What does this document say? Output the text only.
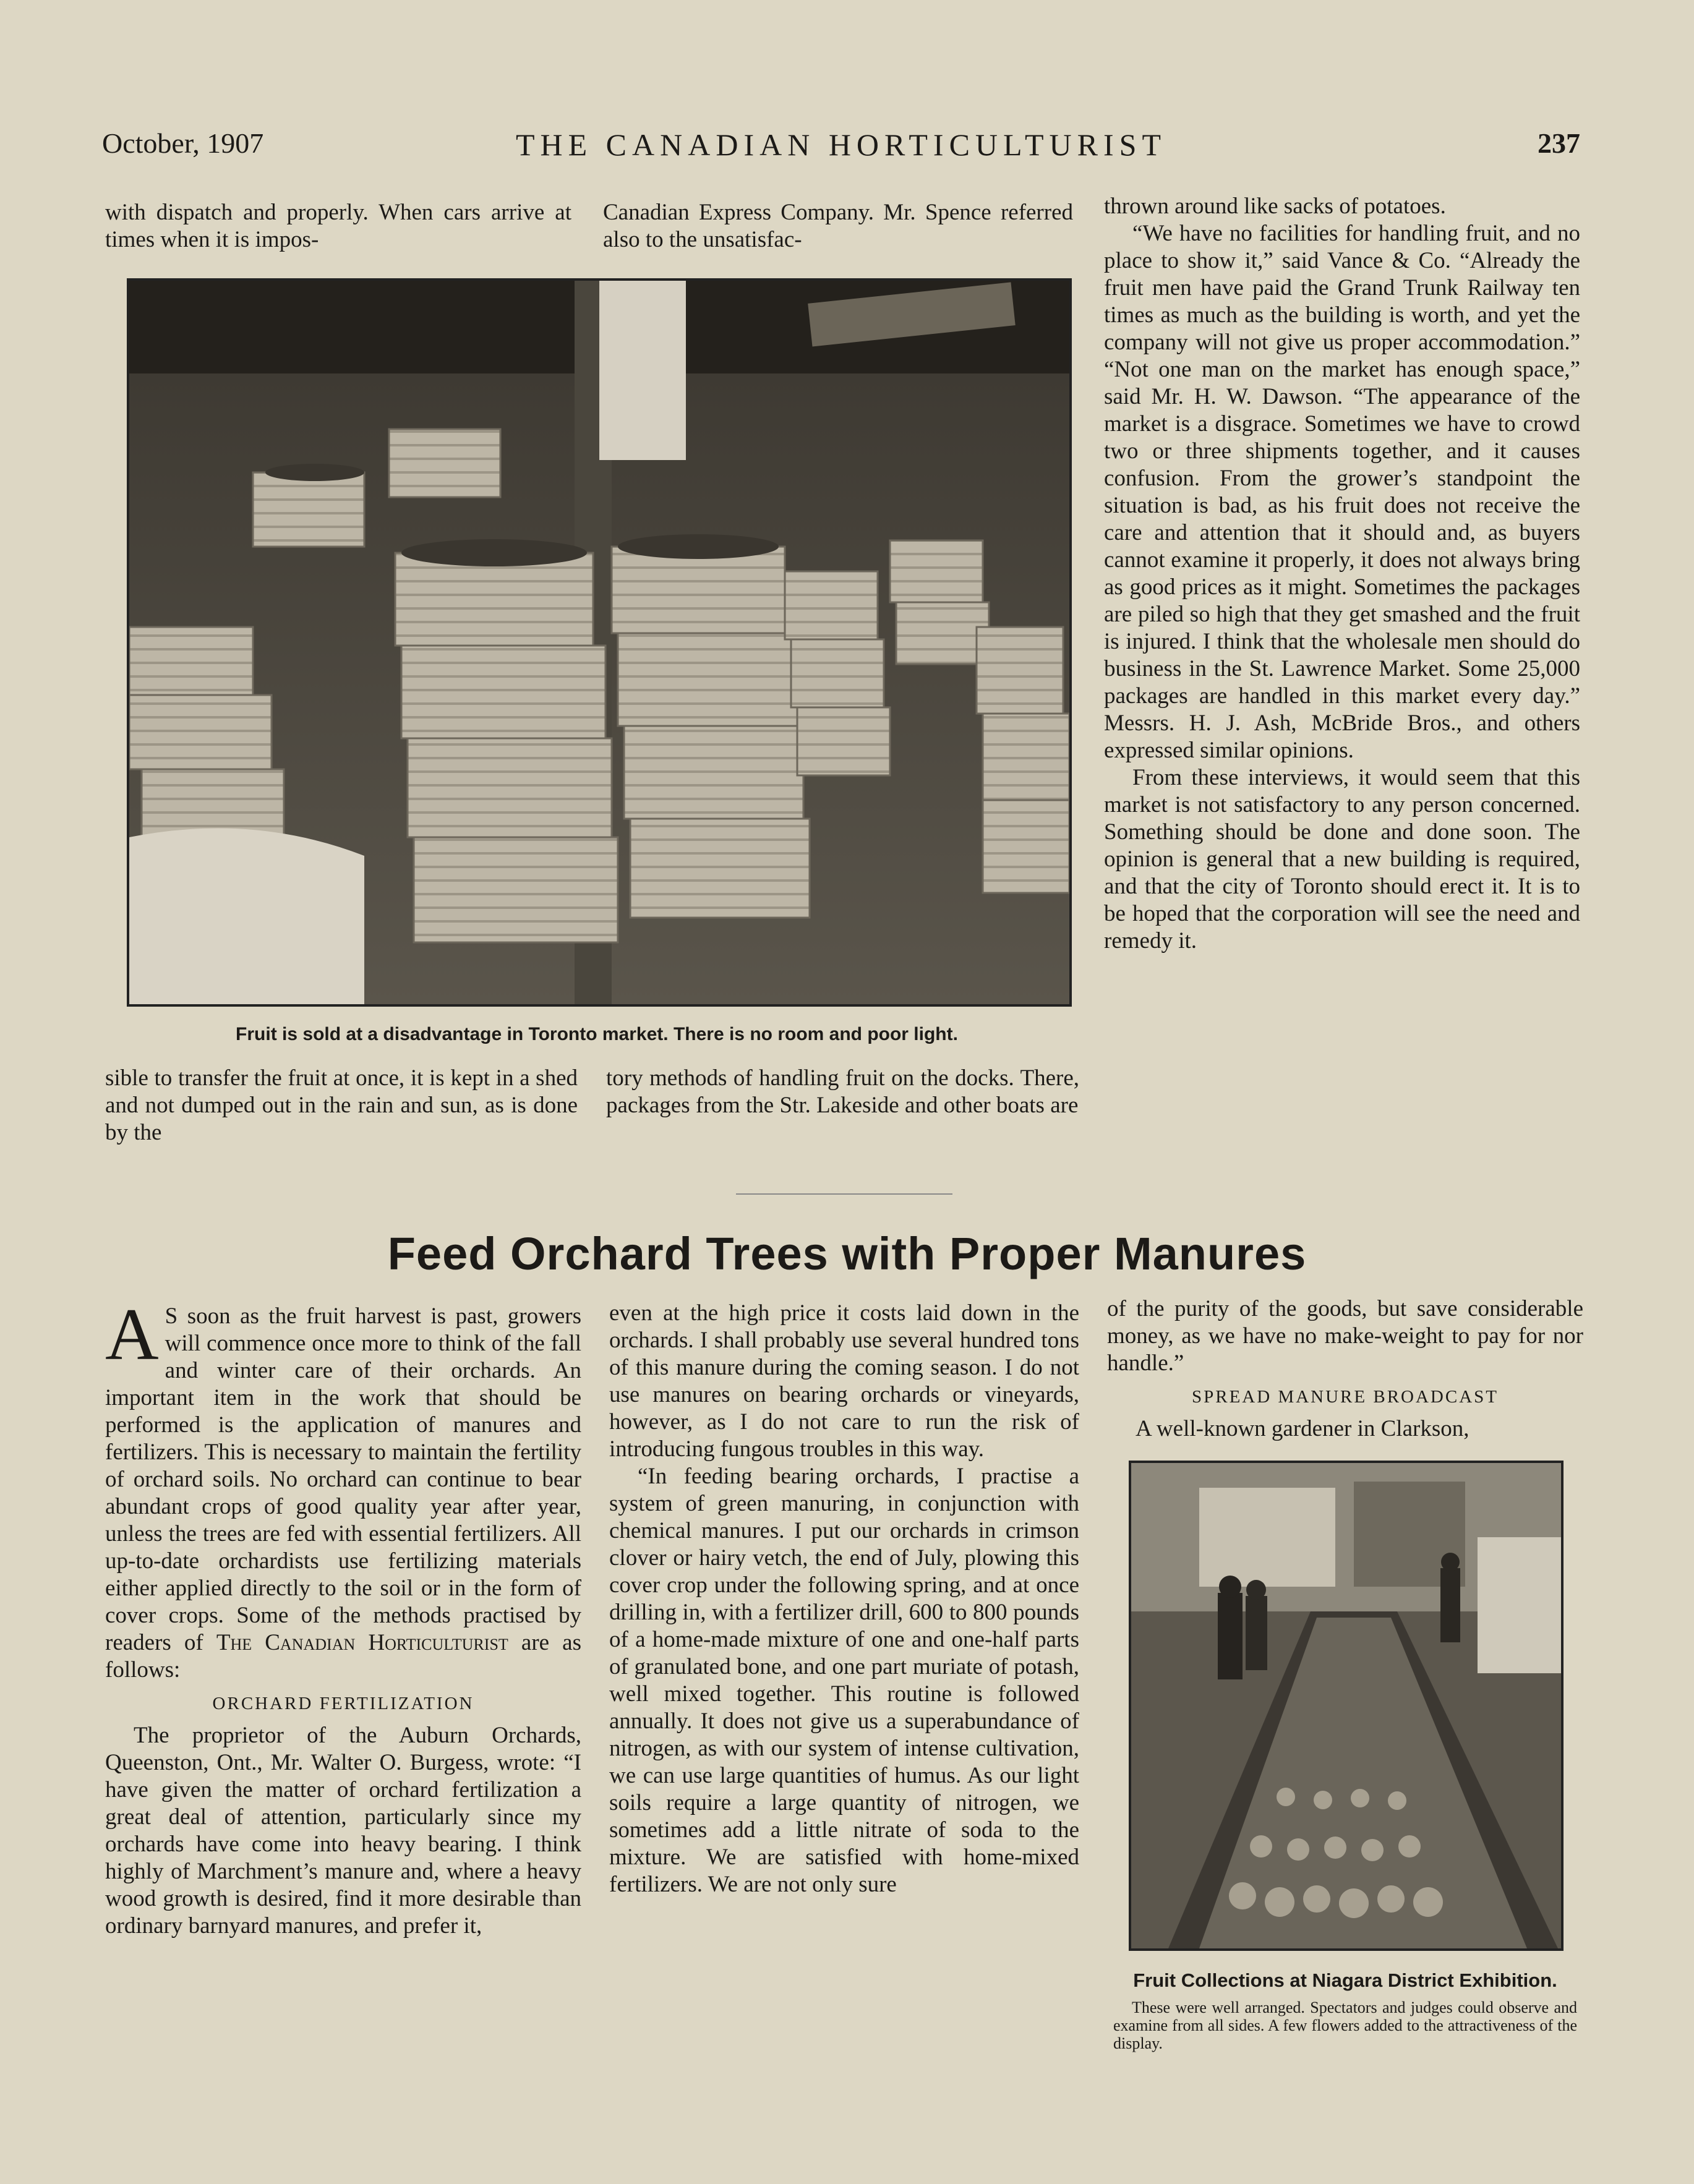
October, 1907	THE CANADIAN HORTICULTURIST	237

with dispatch and properly. When cars arrive at times when it is impos-

Canadian Express Company. Mr. Spence referred also to the unsatisfac-

Fruit is sold at a disadvantage in Toronto market. There is no room and poor light.

sible to transfer the fruit at once, it is kept in a shed and not dumped out in the rain and sun, as is done by the

tory methods of handling fruit on the docks. There, packages from the Str. Lakeside and other boats are

thrown around like sacks of potatoes.

“We have no facilities for handling fruit, and no place to show it,” said Vance & Co. “Already the fruit men have paid the Grand Trunk Railway ten times as much as the building is worth, and yet the company will not give us proper accommodation.” “Not one man on the market has enough space,” said Mr. H. W. Dawson. “The appearance of the market is a disgrace. Sometimes we have to crowd two or three shipments together, and it causes confusion. From the grower’s standpoint the situation is bad, as his fruit does not receive the care and attention that it should and, as buyers cannot examine it properly, it does not always bring as good prices as it might. Sometimes the packages are piled so high that they get smashed and the fruit is injured. I think that the wholesale men should do business in the St. Lawrence Market. Some 25,000 packages are handled in this market every day.” Messrs. H. J. Ash, McBride Bros., and others expressed similar opinions.

From these interviews, it would seem that this market is not satisfactory to any person concerned. Something should be done and done soon. The opinion is general that a new building is required, and that the city of Toronto should erect it. It is to be hoped that the corporation will see the need and remedy it.

Feed Orchard Trees with Proper Manures

A S soon as the fruit harvest is past, growers will commence once more to think of the fall and winter care of their orchards. An important item in the work that should be performed is the application of manures and fertilizers. This is necessary to maintain the fertility of orchard soils. No orchard can continue to bear abundant crops of good quality year after year, unless the trees are fed with essential fertilizers. All up-to-date orchardists use fertilizing materials either applied directly to the soil or in the form of cover crops. Some of the methods practised by readers of The Canadian Horticulturist are as follows:

ORCHARD FERTILIZATION

The proprietor of the Auburn Orchards, Queenston, Ont., Mr. Walter O. Burgess, wrote: “I have given the matter of orchard fertilization a great deal of attention, particularly since my orchards have come into heavy bearing. I think highly of Marchment’s manure and, where a heavy wood growth is desired, find it more desirable than ordinary barnyard manures, and prefer it,

even at the high price it costs laid down in the orchards. I shall probably use several hundred tons of this manure during the coming season. I do not use manures on bearing orchards or vineyards, however, as I do not care to run the risk of introducing fungous troubles in this way.

“In feeding bearing orchards, I practise a system of green manuring, in conjunction with chemical manures. I put our orchards in crimson clover or hairy vetch, the end of July, plowing this cover crop under the following spring, and at once drilling in, with a fertilizer drill, 600 to 800 pounds of a home-made mixture of one and one-half parts of granulated bone, and one part muriate of potash, well mixed together. This routine is followed annually. It does not give us a superabundance of nitrogen, as with our system of intense cultivation, we can use large quantities of humus. As our light soils require a large quantity of nitrogen, we sometimes add a little nitrate of soda to the mixture. We are satisfied with home-mixed fertilizers. We are not only sure

of the purity of the goods, but save considerable money, as we have no make-weight to pay for nor handle.”

SPREAD MANURE BROADCAST

A well-known gardener in Clarkson,

Fruit Collections at Niagara District Exhibition.
These were well arranged. Spectators and judges could observe and examine from all sides. A few flowers added to the attractiveness of the display.
